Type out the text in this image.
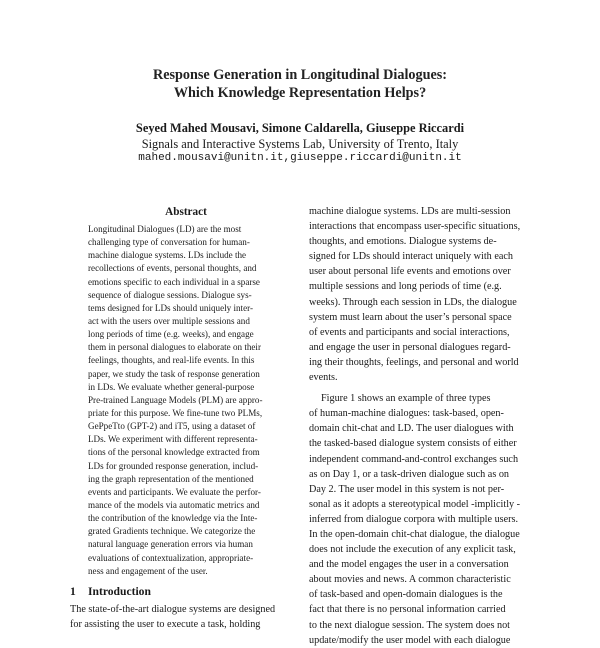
Response Generation in Longitudinal Dialogues:
Which Knowledge Representation Helps?
Seyed Mahed Mousavi, Simone Caldarella, Giuseppe Riccardi
Signals and Interactive Systems Lab, University of Trento, Italy
mahed.mousavi@unitn.it,giuseppe.riccardi@unitn.it
Abstract
Longitudinal Dialogues (LD) are the most
challenging type of conversation for human-
machine dialogue systems. LDs include the
recollections of events, personal thoughts, and
emotions specific to each individual in a sparse
sequence of dialogue sessions. Dialogue sys-
tems designed for LDs should uniquely inter-
act with the users over multiple sessions and
long periods of time (e.g. weeks), and engage
them in personal dialogues to elaborate on their
feelings, thoughts, and real-life events. In this
paper, we study the task of response generation
in LDs. We evaluate whether general-purpose
Pre-trained Language Models (PLM) are appro-
priate for this purpose. We fine-tune two PLMs,
GePpeTto (GPT-2) and iT5, using a dataset of
LDs. We experiment with different representa-
tions of the personal knowledge extracted from
LDs for grounded response generation, includ-
ing the graph representation of the mentioned
events and participants. We evaluate the perfor-
mance of the models via automatic metrics and
the contribution of the knowledge via the Inte-
grated Gradients technique. We categorize the
natural language generation errors via human
evaluations of contextualization, appropriate-
ness and engagement of the user.
1 Introduction
The state-of-the-art dialogue systems are designed
for assisting the user to execute a task, holding
machine dialogue systems. LDs are multi-session
interactions that encompass user-specific situations,
thoughts, and emotions. Dialogue systems de-
signed for LDs should interact uniquely with each
user about personal life events and emotions over
multiple sessions and long periods of time (e.g.
weeks). Through each session in LDs, the dialogue
system must learn about the user’s personal space
of events and participants and social interactions,
and engage the user in personal dialogues regard-
ing their thoughts, feelings, and personal and world
events.
Figure 1 shows an example of three types
of human-machine dialogues: task-based, open-
domain chit-chat and LD. The user dialogues with
the tasked-based dialogue system consists of either
independent command-and-control exchanges such
as on Day 1, or a task-driven dialogue such as on
Day 2. The user model in this system is not per-
sonal as it adopts a stereotypical model -implicitly -
inferred from dialogue corpora with multiple users.
In the open-domain chit-chat dialogue, the dialogue
does not include the execution of any explicit task,
and the model engages the user in a conversation
about movies and news. A common characteristic
of task-based and open-domain dialogues is the
fact that there is no personal information carried
to the next dialogue session. The system does not
update/modify the user model with each dialogue
